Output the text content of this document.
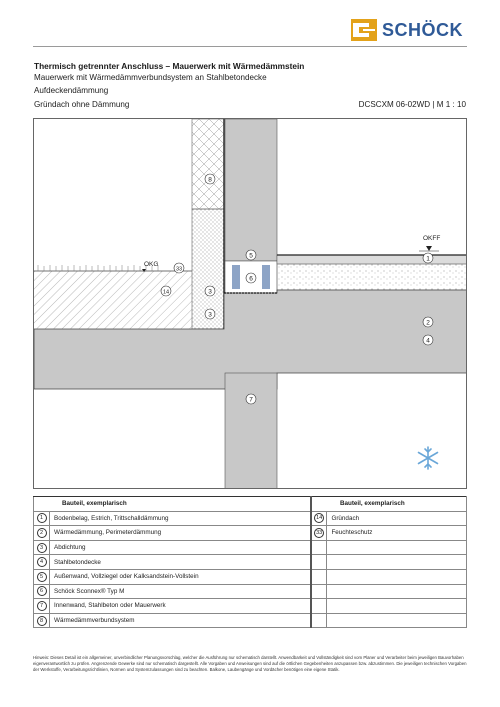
SCHÖCK
Thermisch getrennter Anschluss – Mauerwerk mit Wärmedämmstein
Mauerwerk mit Wärmedämmverbundsystem an Stahlbetondecke
Aufdeckendämmung
Gründach ohne Dämmung	DCSCXM 06-02WD | M 1 : 10
OKG
OKFF
8
5
6
1
33
14	3
3
2
4
7
Bauteil, exemplarisch		Bauteil, exemplarisch	
1	Bodenbelag, Estrich, Trittschalldämmung	14	Gründach
2	Wärmedämmung, Perimeterdämmung	33	Feuchteschutz
3	Abdichtung		
4	Stahlbetondecke		
5	Außenwand, Vollziegel oder Kalksandstein-Vollstein		
6	Schöck Sconnex® Typ M		
7	Innenwand, Stahlbeton oder Mauerwerk		
8	Wärmedämmverbundsystem		
Hinweis: Dieses Detail ist ein allgemeiner, unverbindlicher Planungsvorschlag, welcher die Ausführung nur schematisch darstellt. Anwendbarkeit und Vollständigkeit sind vom Planer und Verarbeiter beim jeweiligen Bauvorhaben eigenverantwortlich zu prüfen. Angrenzende Gewerke sind nur schematisch dargestellt. Alle Vorgaben und Anweisungen sind auf die örtlichen Gegebenheiten anzupassen bzw. abzustimmen. Die jeweiligen technischen Vorgaben der Werkstoffe, Verarbeitungsrichtlinien, Normen und Systemzulassungen sind zu beachten. Balkone, Laubengänge und Vordächer benötigen eine eigene Statik.
